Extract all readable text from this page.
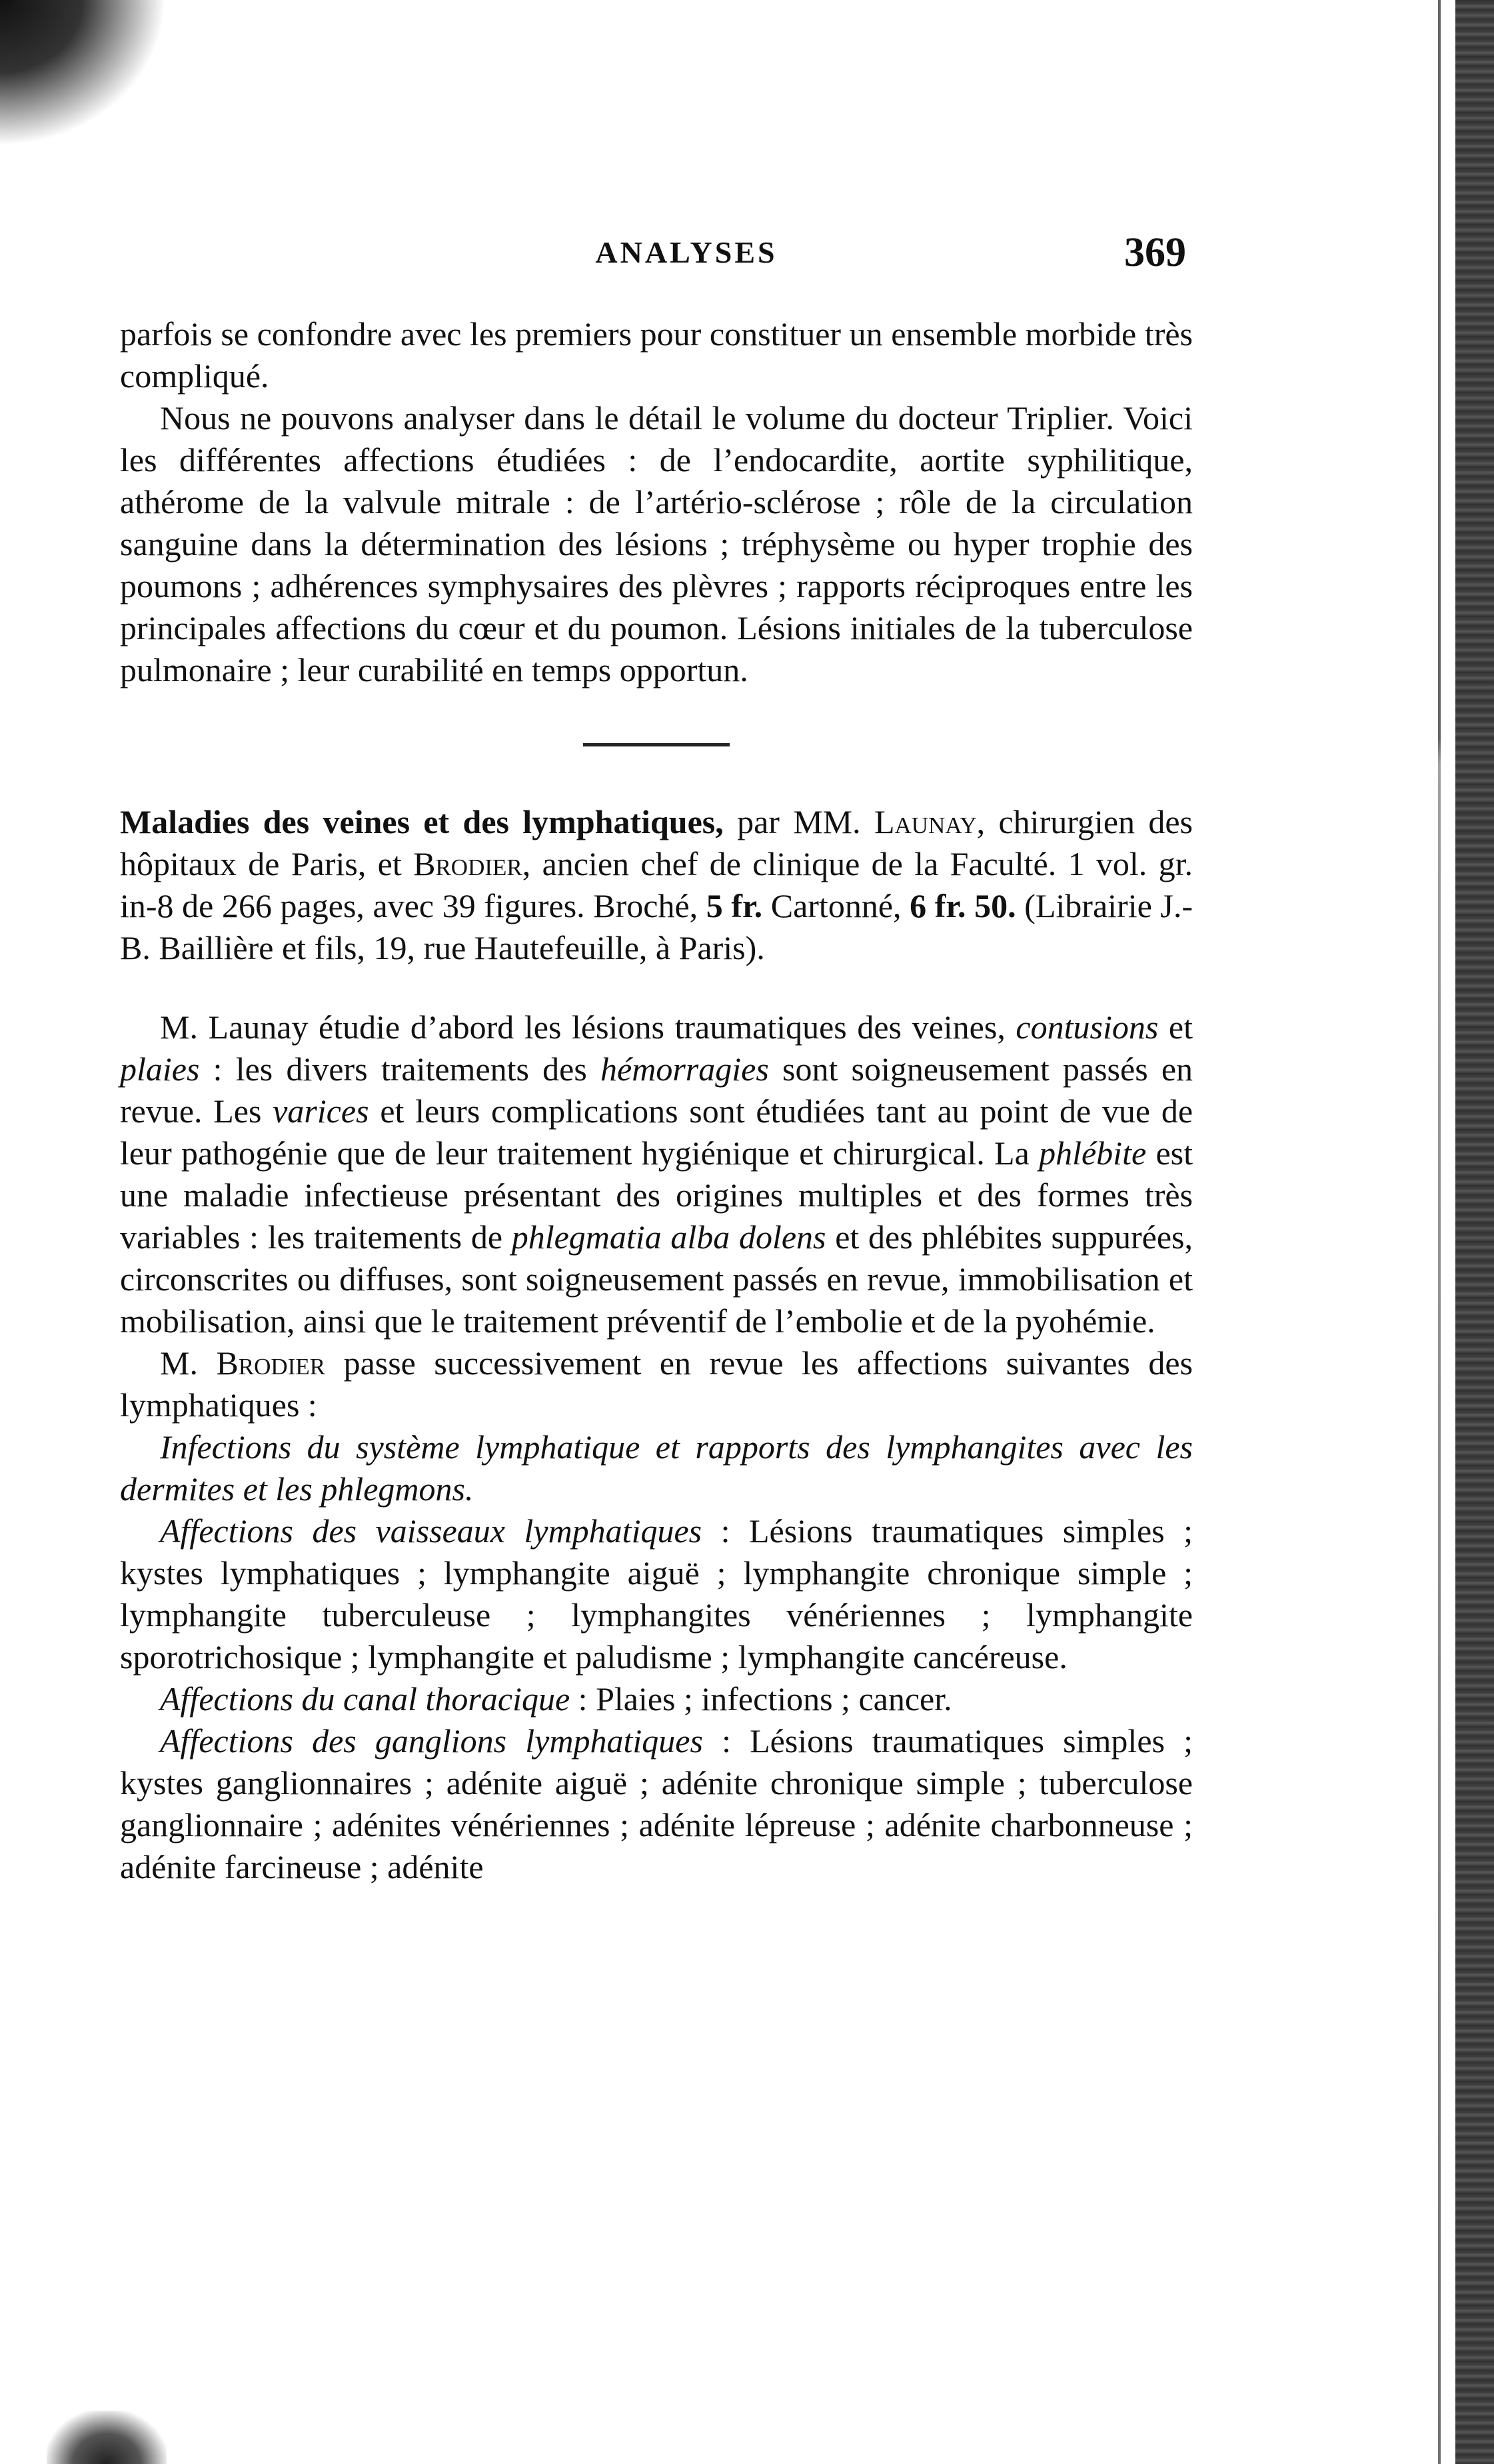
ANALYSES	369

parfois se confondre avec les premiers pour constituer un ensemble morbide très compliqué.

Nous ne pouvons analyser dans le détail le volume du docteur Triplier. Voici les différentes affections étudiées : de l’endocardite, aortite syphilitique, athérome de la valvule mitrale : de l’artério-sclérose ; rôle de la circulation sanguine dans la détermination des lésions ; tréphysème ou hyper trophie des poumons ; adhérences symphysaires des plèvres ; rapports réciproques entre les principales affections du cœur et du poumon. Lésions initiales de la tuberculose pulmonaire ; leur curabilité en temps opportun.

Maladies des veines et des lymphatiques, par MM. Launay, chirurgien des hôpitaux de Paris, et Brodier, ancien chef de clinique de la Faculté. 1 vol. gr. in-8 de 266 pages, avec 39 figures. Broché, 5 fr. Cartonné, 6 fr. 50. (Librairie J.-B. Baillière et fils, 19, rue Hautefeuille, à Paris).

M. Launay étudie d’abord les lésions traumatiques des veines, contusions et plaies : les divers traitements des hémorragies sont soigneusement passés en revue. Les varices et leurs complications sont étudiées tant au point de vue de leur pathogénie que de leur traitement hygiénique et chirurgical. La phlébite est une maladie infectieuse présentant des origines multiples et des formes très variables : les traitements de phlegmatia alba dolens et des phlébites suppurées, circonscrites ou diffuses, sont soigneusement passés en revue, immobilisation et mobilisation, ainsi que le traitement préventif de l’embolie et de la pyohémie.

M. Brodier passe successivement en revue les affections suivantes des lymphatiques :

Infections du système lymphatique et rapports des lymphangites avec les dermites et les phlegmons.

Affections des vaisseaux lymphatiques : Lésions traumatiques simples ; kystes lymphatiques ; lymphangite aiguë ; lymphangite chronique simple ; lymphangite tuberculeuse ; lymphangites vénériennes ; lymphangite sporotrichosique ; lymphangite et paludisme ; lymphangite cancéreuse.

Affections du canal thoracique : Plaies ; infections ; cancer.

Affections des ganglions lymphatiques : Lésions traumatiques simples ; kystes ganglionnaires ; adénite aiguë ; adénite chronique simple ; tuberculose ganglionnaire ; adénites vénériennes ; adénite lépreuse ; adénite charbonneuse ; adénite farcineuse ; adénite
